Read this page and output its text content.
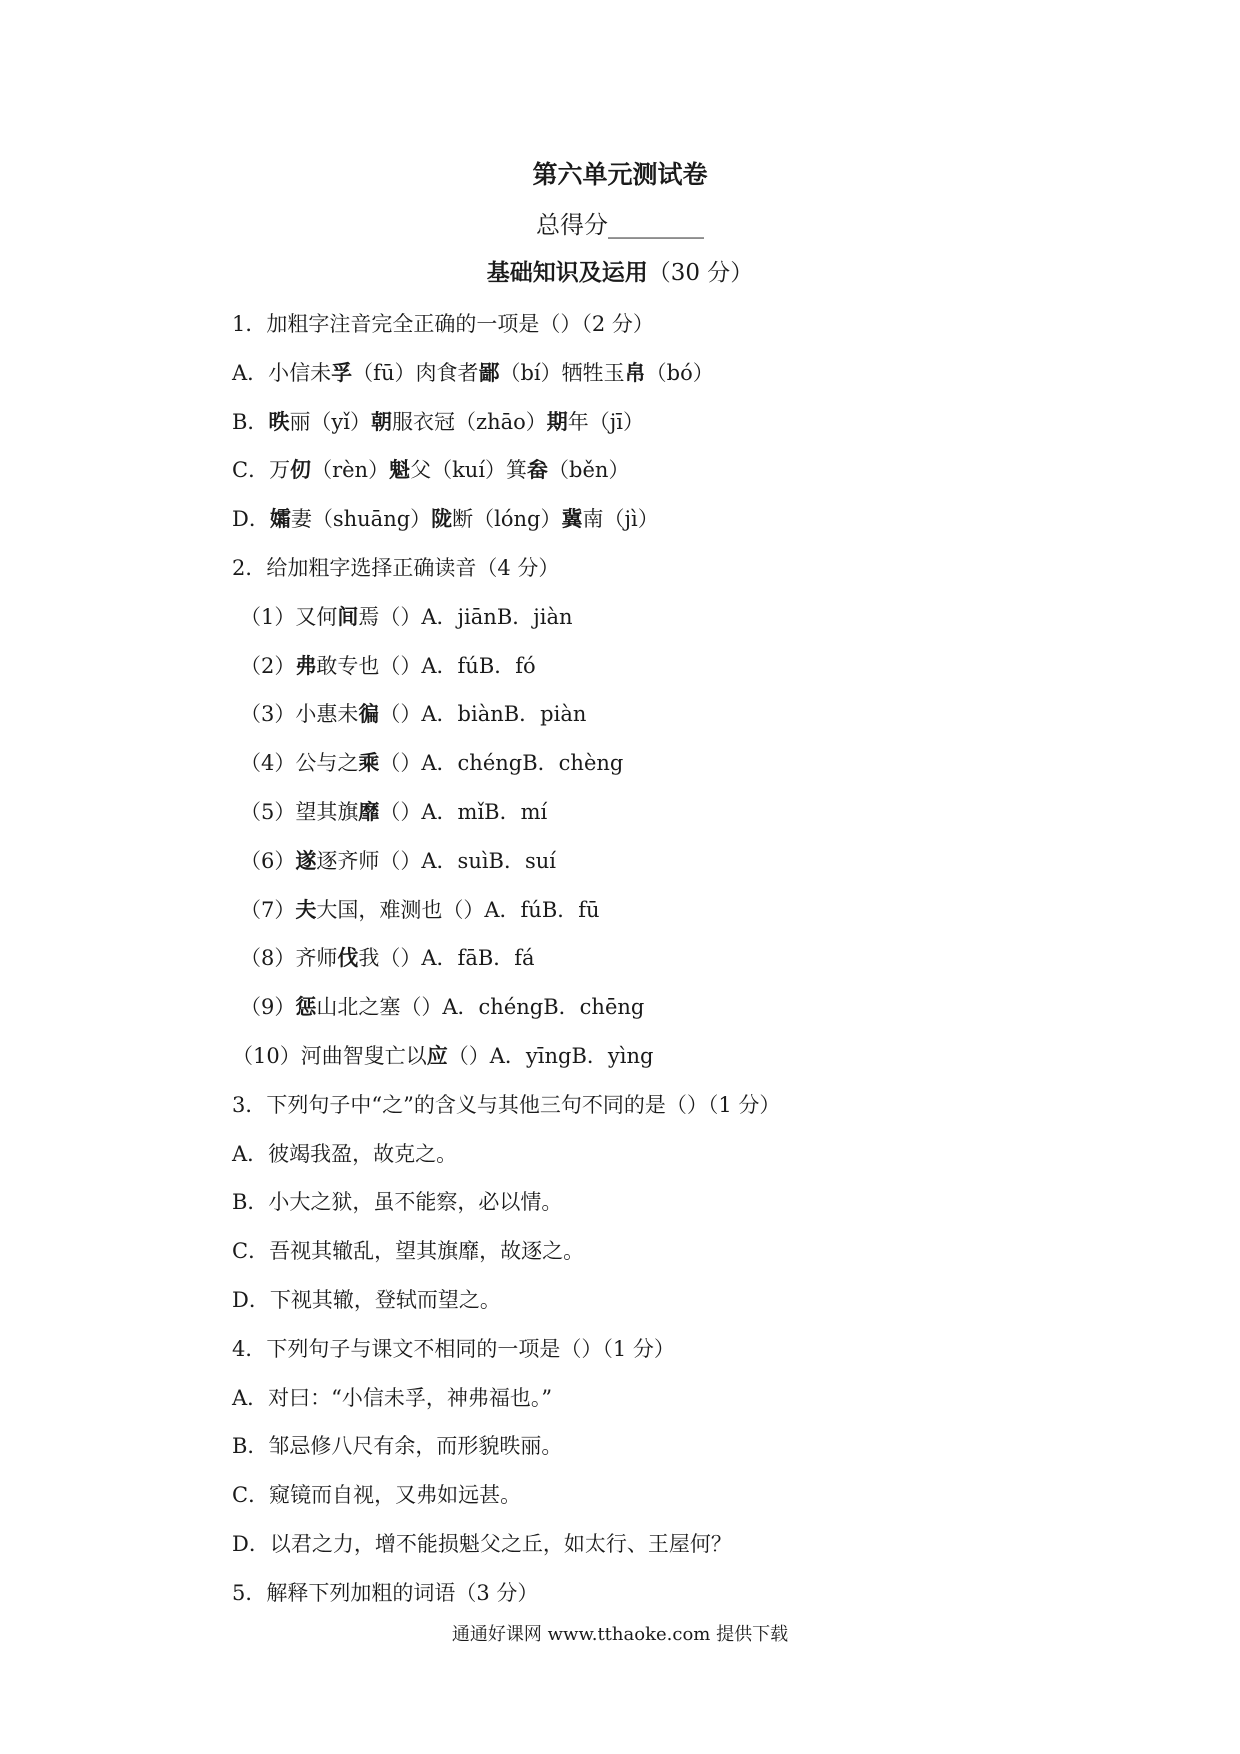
第六单元测试卷
总得分________
基础知识及运用（30 分）
1．加粗字注音完全正确的一项是（）（2 分）
A．小信未孚（fū）肉食者鄙（bí）牺牲玉帛（bó）
B．昳丽（yǐ）朝服衣冠（zhāo）期年（jī）
C．万仞（rèn）魁父（kuí）箕畚（běn）
D．孀妻（shuāng）陇断（lóng）冀南（jì）
2．给加粗字选择正确读音（4 分）
（1）又何间焉（）A．jiānB．jiàn
（2）弗敢专也（）A．fúB．fó
（3）小惠未徧（）A．biànB．piàn
（4）公与之乘（）A．chéngB．chèng
（5）望其旗靡（）A．mǐB．mí
（6）遂逐齐师（）A．suìB．suí
（7）夫大国，难测也（）A．fúB．fū
（8）齐师伐我（）A．fāB．fá
（9）惩山北之塞（）A．chéngB．chēng
（10）河曲智叟亡以应（）A．yīngB．yìng
3．下列句子中“之”的含义与其他三句不同的是（）（1 分）
A．彼竭我盈，故克之。
B．小大之狱，虽不能察，必以情。
C．吾视其辙乱，望其旗靡，故逐之。
D．下视其辙，登轼而望之。
4．下列句子与课文不相同的一项是（）（1 分）
A．对曰：“小信未孚，神弗福也。”
B．邹忌修八尺有余，而形貌昳丽。
C．窥镜而自视，又弗如远甚。
D．以君之力，增不能损魁父之丘，如太行、王屋何？
5．解释下列加粗的词语（3 分）
通通好课网 www.tthaoke.com 提供下载
